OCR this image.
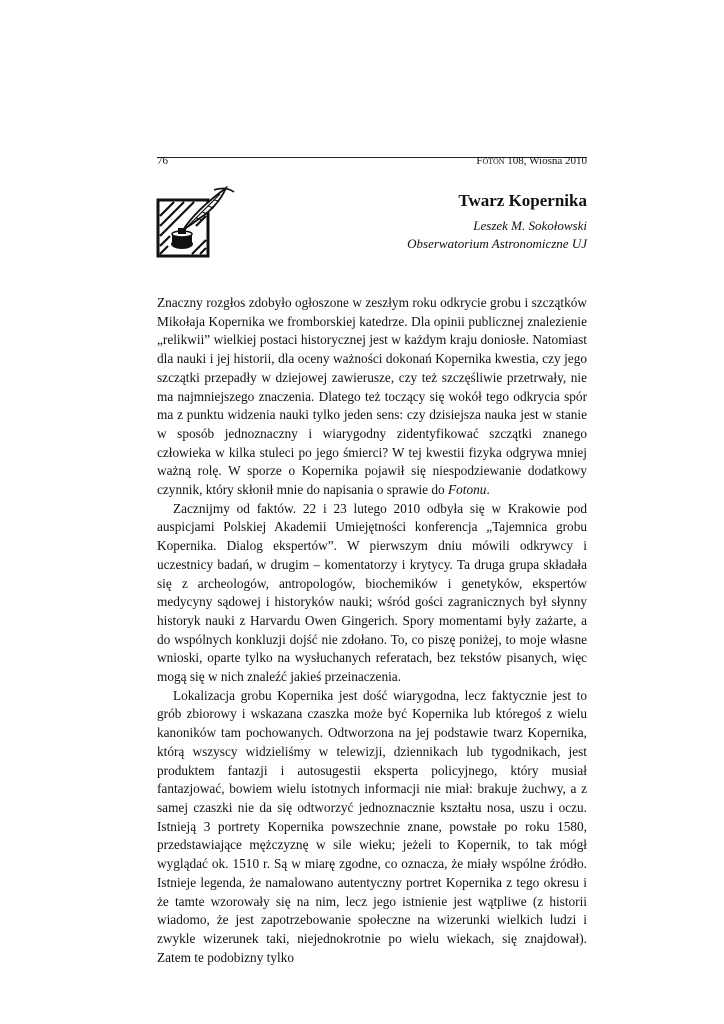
76	Foton 108, Wiosna 2010
Twarz Kopernika
Leszek M. Sokołowski
Obserwatorium Astronomiczne UJ

Znaczny rozgłos zdobyło ogłoszone w zeszłym roku odkrycie grobu i szczątków Mikołaja Kopernika we fromborskiej katedrze. Dla opinii publicznej znalezienie „relikwii” wielkiej postaci historycznej jest w każdym kraju doniosłe. Natomiast dla nauki i jej historii, dla oceny ważności dokonań Kopernika kwestia, czy jego szczątki przepadły w dziejowej zawierusze, czy też szczęśliwie przetrwały, nie ma najmniejszego znaczenia. Dlatego też toczący się wokół tego odkrycia spór ma z punktu widzenia nauki tylko jeden sens: czy dzisiejsza nauka jest w stanie w sposób jednoznaczny i wiarygodny zidentyfikować szczątki znanego człowieka w kilka stuleci po jego śmierci? W tej kwestii fizyka odgrywa mniej ważną rolę. W sporze o Kopernika pojawił się niespodziewanie dodatkowy czynnik, który skłonił mnie do napisania o sprawie do Fotonu.

Zacznijmy od faktów. 22 i 23 lutego 2010 odbyła się w Krakowie pod auspicjami Polskiej Akademii Umiejętności konferencja „Tajemnica grobu Kopernika. Dialog ekspertów”. W pierwszym dniu mówili odkrywcy i uczestnicy badań, w drugim – komentatorzy i krytycy. Ta druga grupa składała się z archeologów, antropologów, biochemików i genetyków, ekspertów medycyny sądowej i historyków nauki; wśród gości zagranicznych był słynny historyk nauki z Harvardu Owen Gingerich. Spory momentami były zażarte, a do wspólnych konkluzji dojść nie zdołano. To, co piszę poniżej, to moje własne wnioski, oparte tylko na wysłuchanych referatach, bez tekstów pisanych, więc mogą się w nich znaleźć jakieś przeinaczenia.

Lokalizacja grobu Kopernika jest dość wiarygodna, lecz faktycznie jest to grób zbiorowy i wskazana czaszka może być Kopernika lub któregoś z wielu kanoników tam pochowanych. Odtworzona na jej podstawie twarz Kopernika, którą wszyscy widzieliśmy w telewizji, dziennikach lub tygodnikach, jest produktem fantazji i autosugestii eksperta policyjnego, który musiał fantazjować, bowiem wielu istotnych informacji nie miał: brakuje żuchwy, a z samej czaszki nie da się odtworzyć jednoznacznie kształtu nosa, uszu i oczu. Istnieją 3 portrety Kopernika powszechnie znane, powstałe po roku 1580, przedstawiające mężczyznę w sile wieku; jeżeli to Kopernik, to tak mógł wyglądać ok. 1510 r. Są w miarę zgodne, co oznacza, że miały wspólne źródło. Istnieje legenda, że namalowano autentyczny portret Kopernika z tego okresu i że tamte wzorowały się na nim, lecz jego istnienie jest wątpliwe (z historii wiadomo, że jest zapotrzebowanie społeczne na wizerunki wielkich ludzi i zwykle wizerunek taki, niejednokrotnie po wielu wiekach, się znajdował). Zatem te podobizny tylko
